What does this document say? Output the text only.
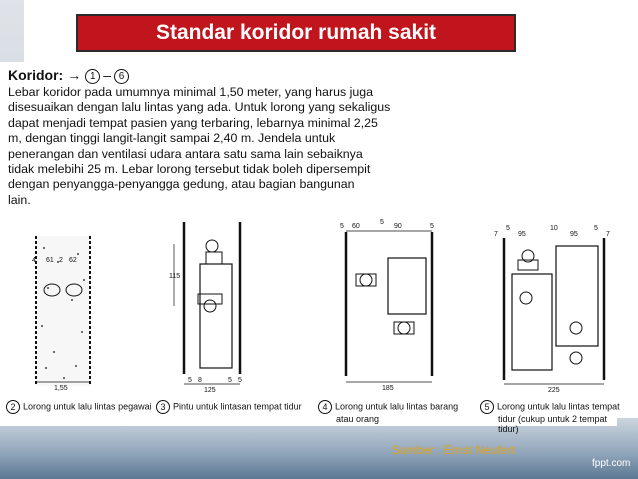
Standar koridor rumah sakit
Koridor: → 1 – 6
Lebar koridor pada umumnya minimal 1,50 meter, yang harus juga
disesuaikan dengan lalu lintas yang ada. Untuk lorong yang sekaligus
dapat menjadi tempat pasien yang terbaring, lebarnya minimal 2,25
m, dengan tinggi langit-langit sampai 2,40 m. Jendela untuk
penerangan dan ventilasi udara antara satu sama lain sebaiknya
tidak melebihi 25 m. Lebar lorong tersebut tidak boleh dipersempit
dengan penyangga-penyangga gedung, atau bagian bangunan
lain.
4 61 2 62
1,55
115
5 8
125
5 5
5 60
5
90	5
185
7
5
95
10
95
5
7
225
2 Lorong untuk lalu lintas pegawai 3 Pintu untuk lintasan tempat tidur	4 Lorong untuk lalu lintas barang
atau orang
5 Lorong untuk lalu lintas tempat
tidur (cukup untuk 2 tempat tidur)
Sumber : Ernst Neufert
fppt.com
